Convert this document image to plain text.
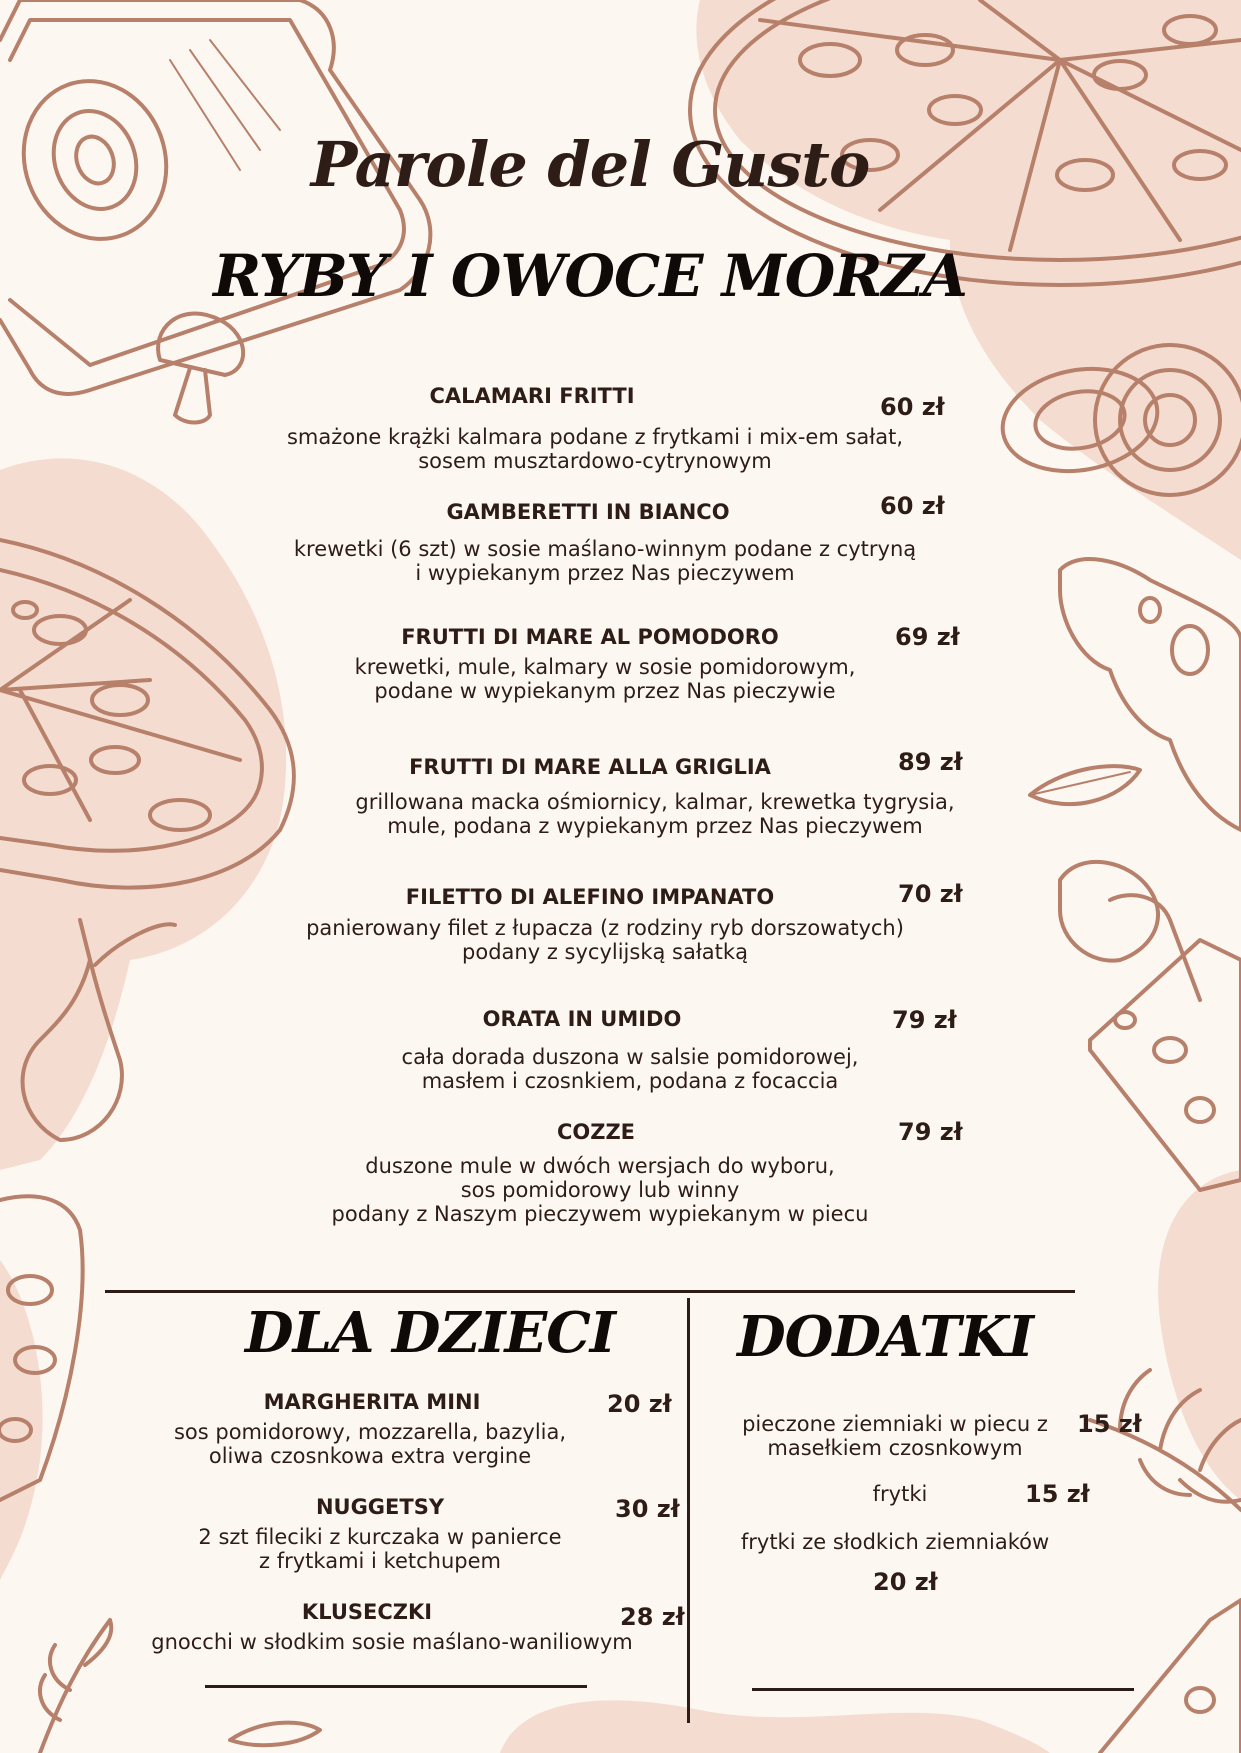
Parole del Gusto
RYBY I OWOCE MORZA
CALAMARI FRITTI	60 zł
smażone krążki kalmara podane z frytkami i mix-em sałat,
sosem musztardowo-cytrynowym
GAMBERETTI IN BIANCO	60 zł
krewetki (6 szt) w sosie maślano-winnym podane z cytryną
i wypiekanym przez Nas pieczywem
FRUTTI DI MARE AL POMODORO	69 zł
krewetki, mule, kalmary w sosie pomidorowym,
podane w wypiekanym przez Nas pieczywie
FRUTTI DI MARE ALLA GRIGLIA	89 zł
grillowana macka ośmiornicy, kalmar, krewetka tygrysia,
mule, podana z wypiekanym przez Nas pieczywem
FILETTO DI ALEFINO IMPANATO	70 zł
panierowany filet z łupacza (z rodziny ryb dorszowatych)
podany z sycylijską sałatką
ORATA IN UMIDO	79 zł
cała dorada duszona w salsie pomidorowej,
masłem i czosnkiem, podana z focaccia
COZZE	79 zł
duszone mule w dwóch wersjach do wyboru,
sos pomidorowy lub winny
podany z Naszym pieczywem wypiekanym w piecu
DLA DZIECI
MARGHERITA MINI	20 zł
sos pomidorowy, mozzarella, bazylia,
oliwa czosnkowa extra vergine
NUGGETSY	30 zł
2 szt fileciki z kurczaka w panierce
z frytkami i ketchupem
KLUSECZKI	28 zł
gnocchi w słodkim sosie maślano-waniliowym
DODATKI
pieczone ziemniaki w piecu z
masełkiem czosnkowym
15 zł
frytki	15 zł
frytki ze słodkich ziemniaków
20 zł
